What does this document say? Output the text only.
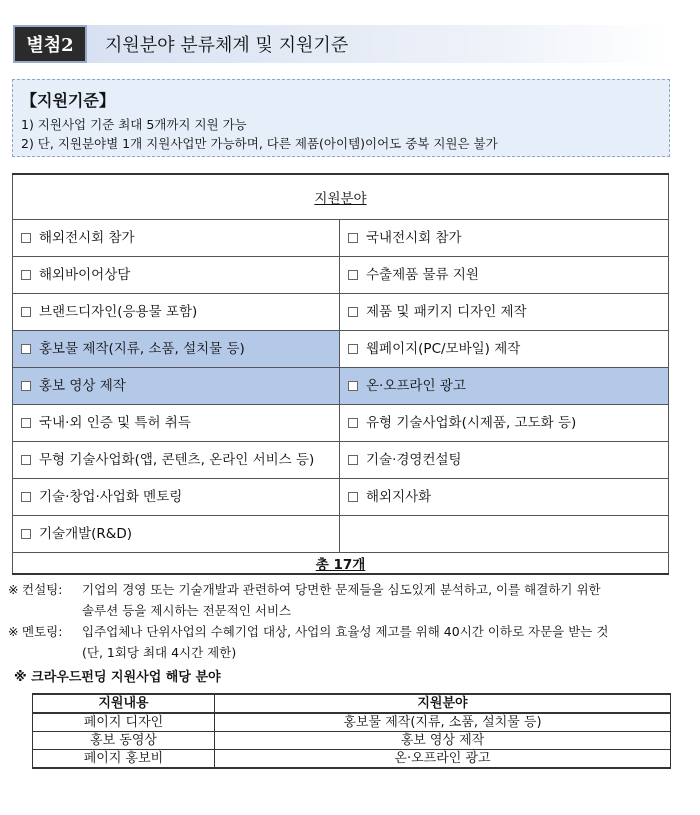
별첨2	지원분야 분류체계 및 지원기준
【지원기준】
1) 지원사업 기준 최대 5개까지 지원 가능
2) 단, 지원분야별 1개 지원사업만 가능하며, 다른 제품(아이템)이어도 중복 지원은 불가
지원분야	
해외전시회 참가	국내전시회 참가
해외바이어상담	수출제품 물류 지원
브랜드디자인(응용물 포함)	제품 및 패키지 디자인 제작
홍보물 제작(지류, 소품, 설치물 등)	웹페이지(PC/모바일) 제작
홍보 영상 제작	온·오프라인 광고
국내·외 인증 및 특허 취득	유형 기술사업화(시제품, 고도화 등)
무형 기술사업화(앱, 콘텐츠, 온라인 서비스 등)	기술·경영컨설팅
기술·창업·사업화 멘토링	해외지사화
기술개발(R&D)	
총 17개	
※ 컨설팅:	기업의 경영 또는 기술개발과 관련하여 당면한 문제들을 심도있게 분석하고, 이를 해결하기 위한
솔루션 등을 제시하는 전문적인 서비스
※ 멘토링:	입주업체나 단위사업의 수혜기업 대상, 사업의 효율성 제고를 위해 40시간 이하로 자문을 받는 것
(단, 1회당 최대 4시간 제한)
※ 크라우드펀딩 지원사업 해당 분야
지원내용	지원분야
페이지 디자인	홍보물 제작(지류, 소품, 설치물 등)
홍보 동영상	홍보 영상 제작
페이지 홍보비	온·오프라인 광고
